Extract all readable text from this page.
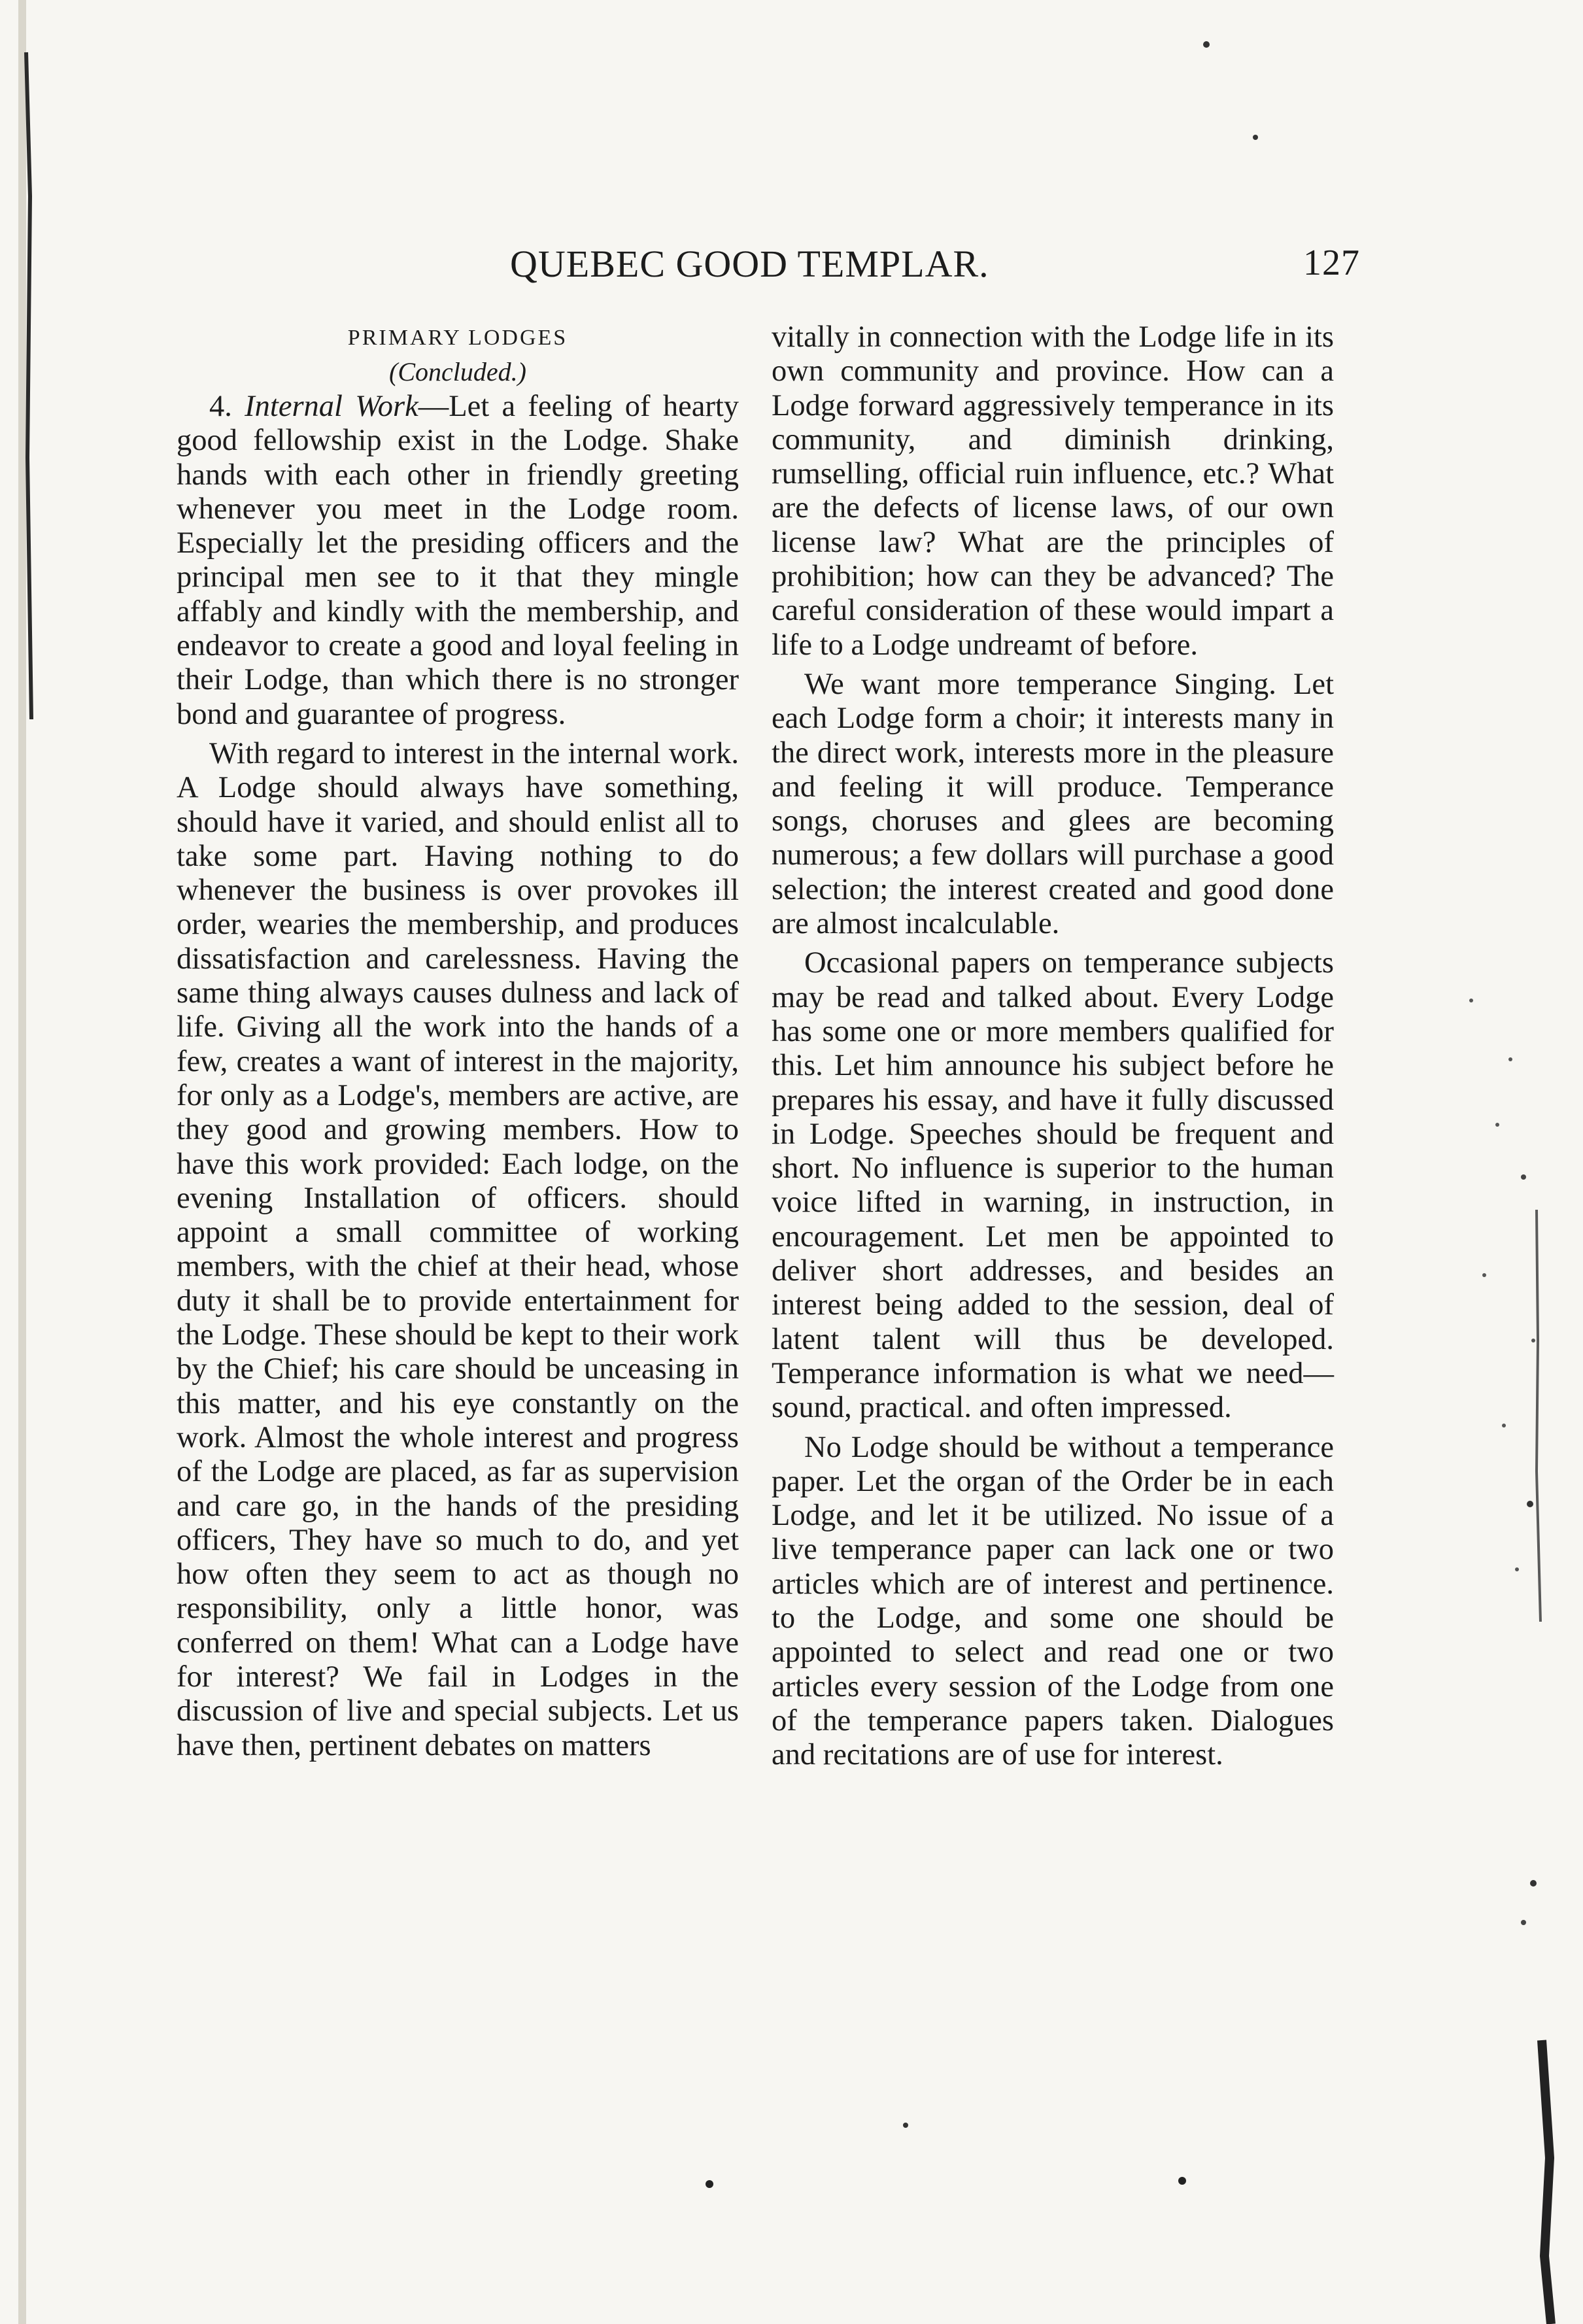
QUEBEC GOOD TEMPLAR.	127

PRIMARY LODGES

(Concluded.)

4. Internal Work—Let a feeling of hearty good fellowship exist in the Lodge. Shake hands with each other in friendly greeting whenever you meet in the Lodge room. Especially let the presiding officers and the principal men see to it that they mingle affably and kindly with the membership, and endeavor to create a good and loyal feeling in their Lodge, than which there is no stronger bond and guarantee of progress.

With regard to interest in the internal work. A Lodge should always have something, should have it varied, and should enlist all to take some part. Having nothing to do whenever the business is over provokes ill order, wearies the membership, and produces dissatisfaction and carelessness. Having the same thing always causes dulness and lack of life. Giving all the work into the hands of a few, creates a want of interest in the majority, for only as a Lodge's, members are active, are they good and growing members. How to have this work provided: Each lodge, on the evening Installation of officers. should appoint a small committee of working members, with the chief at their head, whose duty it shall be to provide entertainment for the Lodge. These should be kept to their work by the Chief; his care should be unceasing in this matter, and his eye constantly on the work. Almost the whole interest and progress of the Lodge are placed, as far as supervision and care go, in the hands of the presiding officers, They have so much to do, and yet how often they seem to act as though no responsibility, only a little honor, was conferred on them! What can a Lodge have for interest? We fail in Lodges in the discussion of live and special subjects. Let us have then, pertinent debates on matters

vitally in connection with the Lodge life in its own community and province. How can a Lodge forward aggressively temperance in its community, and diminish drinking, rumselling, official ruin influence, etc.? What are the defects of license laws, of our own license law? What are the principles of prohibition; how can they be advanced? The careful consideration of these would impart a life to a Lodge undreamt of before.

We want more temperance Singing. Let each Lodge form a choir; it interests many in the direct work, interests more in the pleasure and feeling it will produce. Temperance songs, choruses and glees are becoming numerous; a few dollars will purchase a good selection; the interest created and good done are almost incalculable.

Occasional papers on temperance subjects may be read and talked about. Every Lodge has some one or more members qualified for this. Let him announce his subject before he prepares his essay, and have it fully discussed in Lodge. Speeches should be frequent and short. No influence is superior to the human voice lifted in warning, in instruction, in encouragement. Let men be appointed to deliver short addresses, and besides an interest being added to the session, deal of latent talent will thus be developed. Temperance information is what we need—sound, practical. and often impressed.

No Lodge should be without a temperance paper. Let the organ of the Order be in each Lodge, and let it be utilized. No issue of a live temperance paper can lack one or two articles which are of interest and pertinence. to the Lodge, and some one should be appointed to select and read one or two articles every session of the Lodge from one of the temperance papers taken. Dialogues and recitations are of use for interest.
